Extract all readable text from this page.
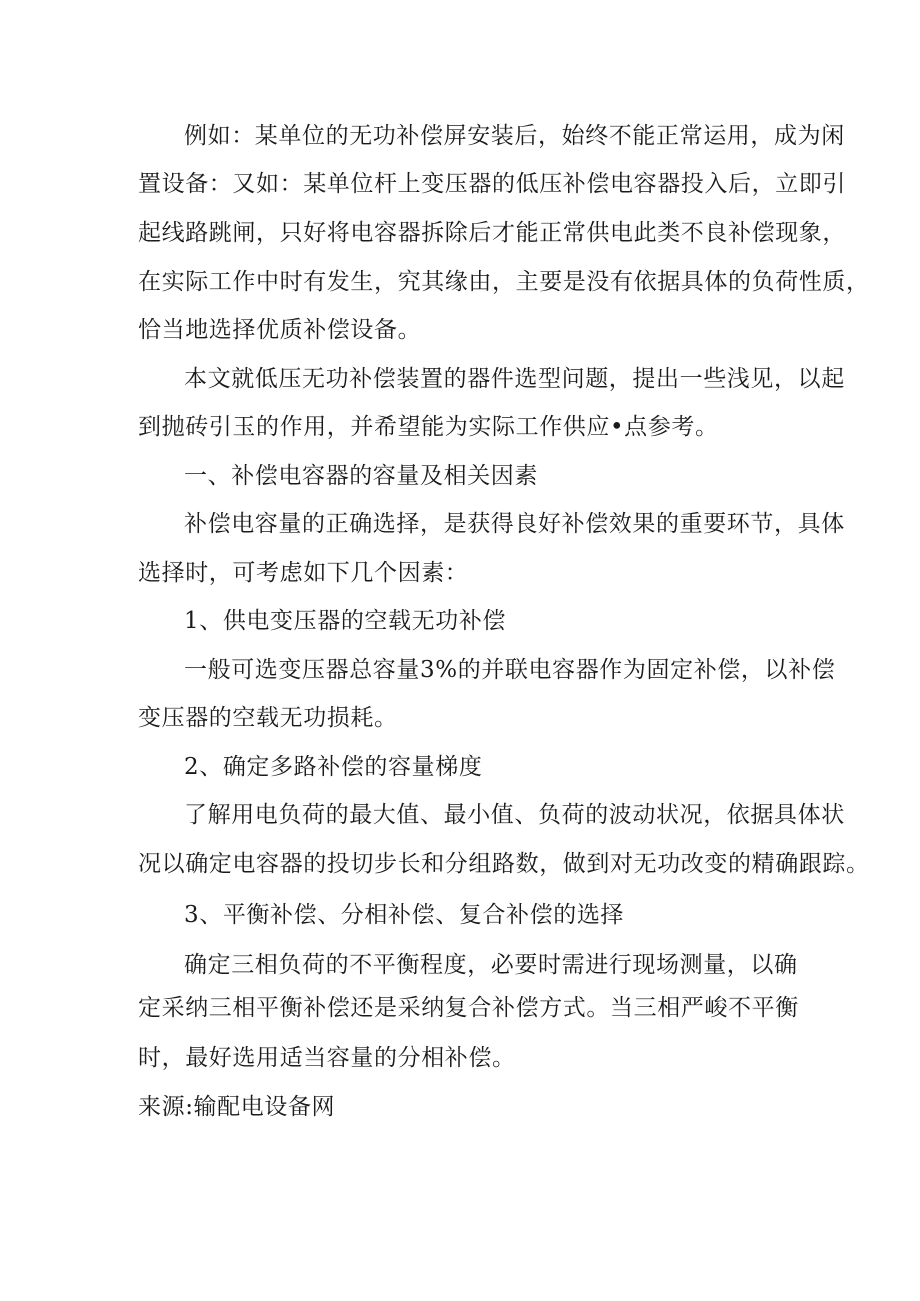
例如：某单位的无功补偿屏安装后，始终不能正常运用，成为闲
置设备：又如：某单位杆上变压器的低压补偿电容器投入后，立即引
起线路跳闸，只好将电容器拆除后才能正常供电此类不良补偿现象，
在实际工作中时有发生，究其缘由，主要是没有依据具体的负荷性质，
恰当地选择优质补偿设备。
本文就低压无功补偿装置的器件选型问题，提出一些浅见，以起
到抛砖引玉的作用，并希望能为实际工作供应•点参考。
一、补偿电容器的容量及相关因素
补偿电容量的正确选择，是获得良好补偿效果的重要环节，具体
选择时，可考虑如下几个因素：
1、供电变压器的空载无功补偿
一般可选变压器总容量3%的并联电容器作为固定补偿，以补偿
变压器的空载无功损耗。
2、确定多路补偿的容量梯度
了解用电负荷的最大值、最小值、负荷的波动状况，依据具体状
况以确定电容器的投切步长和分组路数，做到对无功改变的精确跟踪。
3、平衡补偿、分相补偿、复合补偿的选择
确定三相负荷的不平衡程度，必要时需进行现场测量，以确
定采纳三相平衡补偿还是采纳复合补偿方式。当三相严峻不平衡
时，最好选用适当容量的分相补偿。
来源:输配电设备网
